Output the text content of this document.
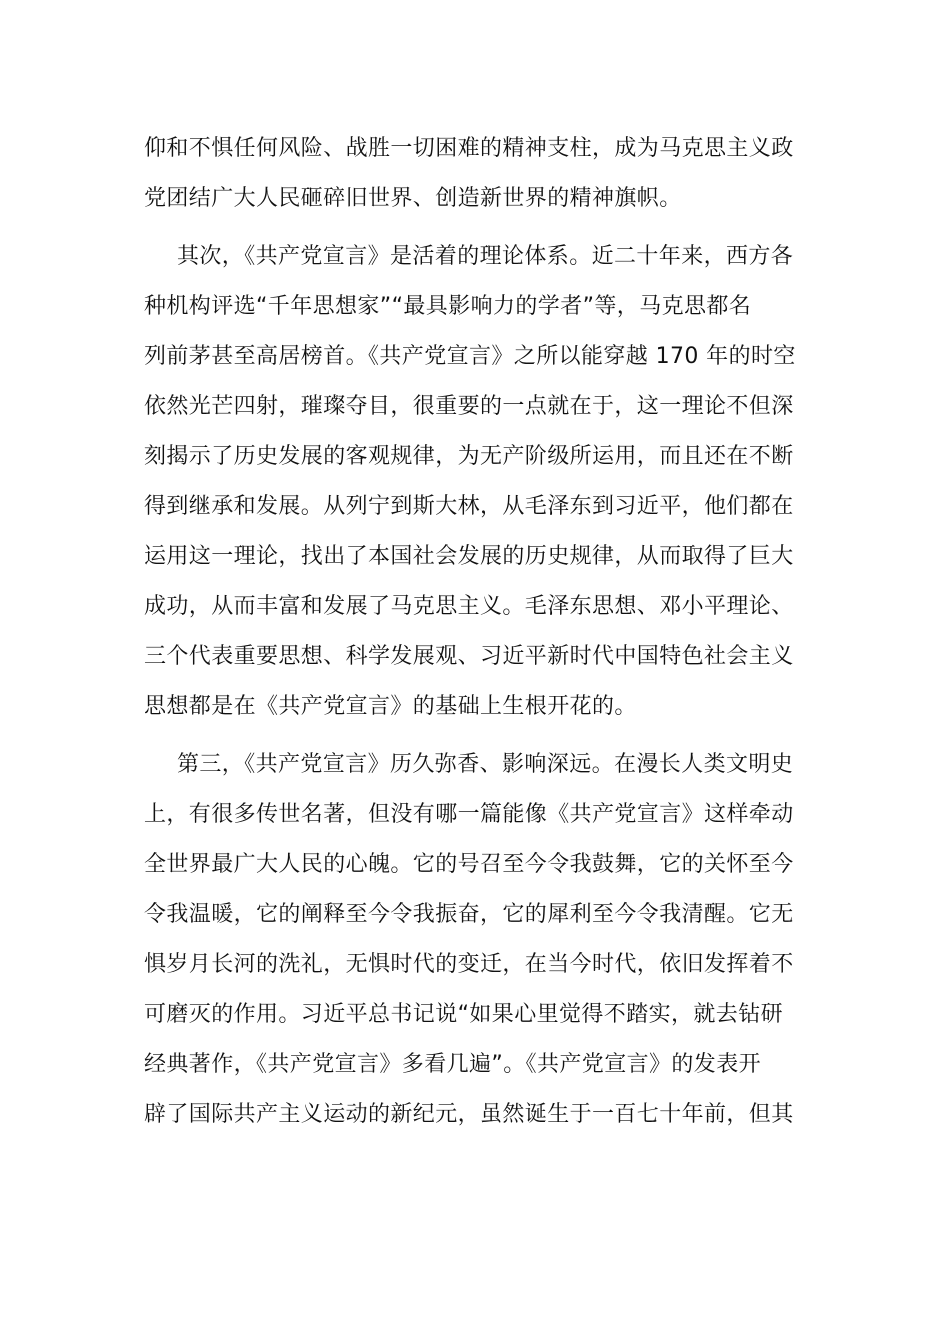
仰和不惧任何风险、战胜一切困难的精神支柱，成为马克思主义政
党团结广大人民砸碎旧世界、创造新世界的精神旗帜。
其次，《共产党宣言》是活着的理论体系。近二十年来，西方各
种机构评选“千年思想家”“最具影响力的学者”等，马克思都名
列前茅甚至高居榜首。《共产党宣言》之所以能穿越 170 年的时空
依然光芒四射，璀璨夺目，很重要的一点就在于，这一理论不但深
刻揭示了历史发展的客观规律，为无产阶级所运用，而且还在不断
得到继承和发展。从列宁到斯大林，从毛泽东到习近平，他们都在
运用这一理论，找出了本国社会发展的历史规律，从而取得了巨大
成功，从而丰富和发展了马克思主义。毛泽东思想、邓小平理论、
三个代表重要思想、科学发展观、习近平新时代中国特色社会主义
思想都是在《共产党宣言》的基础上生根开花的。
第三，《共产党宣言》历久弥香、影响深远。在漫长人类文明史
上，有很多传世名著，但没有哪一篇能像《共产党宣言》这样牵动
全世界最广大人民的心魄。它的号召至今令我鼓舞，它的关怀至今
令我温暖，它的阐释至今令我振奋，它的犀利至今令我清醒。它无
惧岁月长河的洗礼，无惧时代的变迁，在当今时代，依旧发挥着不
可磨灭的作用。习近平总书记说“如果心里觉得不踏实，就去钻研
经典著作，《共产党宣言》多看几遍”。《共产党宣言》的发表开
辟了国际共产主义运动的新纪元，虽然诞生于一百七十年前，但其
